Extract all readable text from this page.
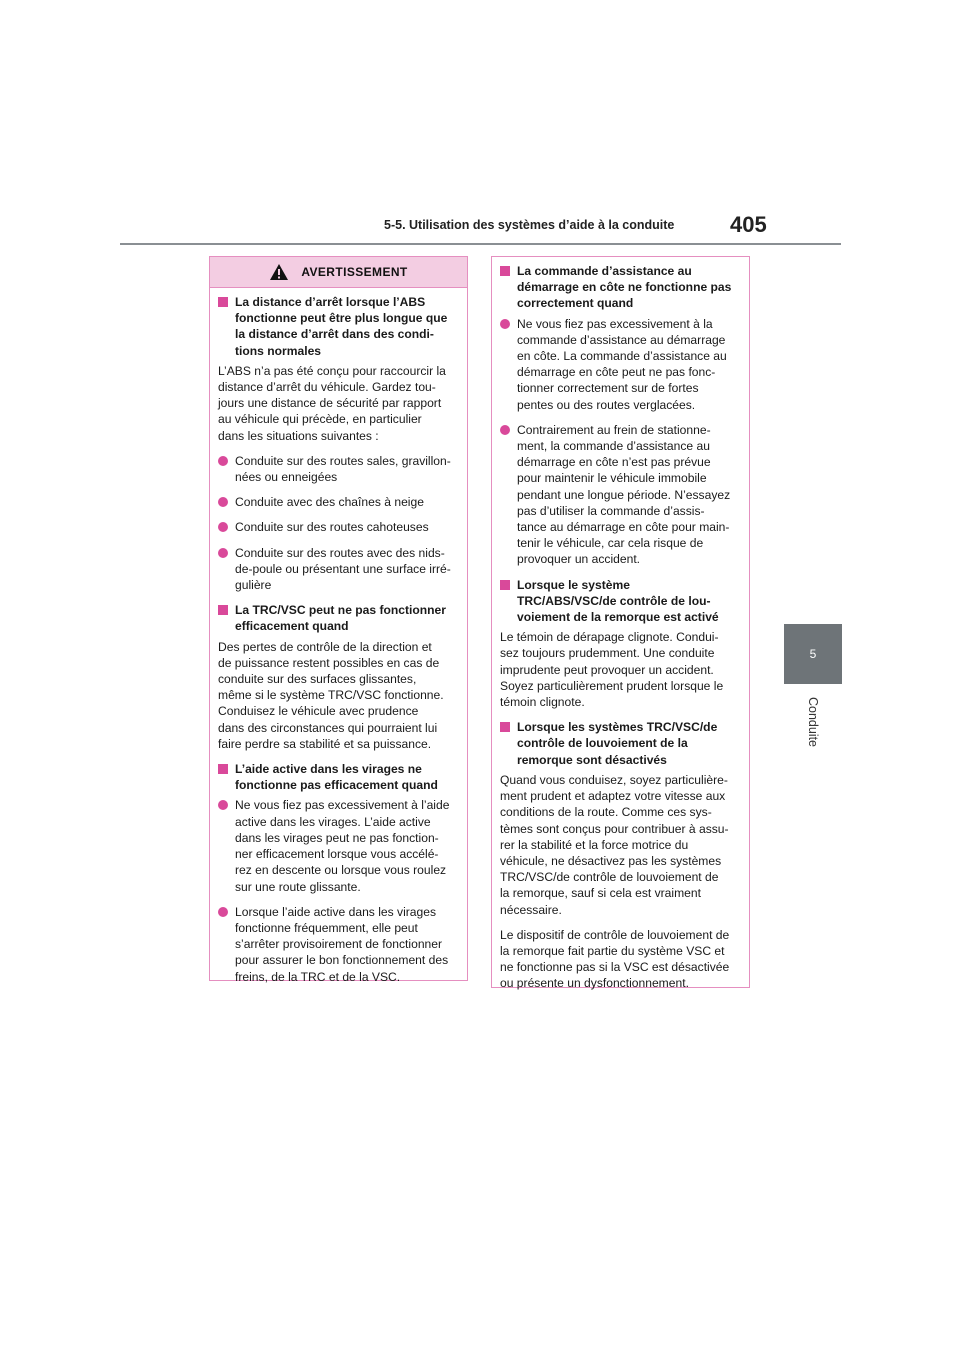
5-5. Utilisation des systèmes d’aide à la conduite	405
5
Conduite
AVERTISSEMENT
La distance d’arrêt lorsque l’ABS
fonctionne peut être plus longue que
la distance d’arrêt dans des condi-
tions normales
L’ABS n’a pas été conçu pour raccourcir la
distance d’arrêt du véhicule. Gardez tou-
jours une distance de sécurité par rapport
au véhicule qui précède, en particulier
dans les situations suivantes :
Conduite sur des routes sales, gravillon-
nées ou enneigées
Conduite avec des chaînes à neige
Conduite sur des routes cahoteuses
Conduite sur des routes avec des nids-
de-poule ou présentant une surface irré-
gulière
La TRC/VSC peut ne pas fonctionner
efficacement quand
Des pertes de contrôle de la direction et
de puissance restent possibles en cas de
conduite sur des surfaces glissantes,
même si le système TRC/VSC fonctionne.
Conduisez le véhicule avec prudence
dans des circonstances qui pourraient lui
faire perdre sa stabilité et sa puissance.
L’aide active dans les virages ne
fonctionne pas efficacement quand
Ne vous fiez pas excessivement à l’aide
active dans les virages. L’aide active
dans les virages peut ne pas fonction-
ner efficacement lorsque vous accélé-
rez en descente ou lorsque vous roulez
sur une route glissante.
Lorsque l’aide active dans les virages
fonctionne fréquemment, elle peut
s’arrêter provisoirement de fonctionner
pour assurer le bon fonctionnement des
freins, de la TRC et de la VSC.
La commande d’assistance au
démarrage en côte ne fonctionne pas
correctement quand
Ne vous fiez pas excessivement à la
commande d’assistance au démarrage
en côte. La commande d’assistance au
démarrage en côte peut ne pas fonc-
tionner correctement sur de fortes
pentes ou des routes verglacées.
Contrairement au frein de stationne-
ment, la commande d’assistance au
démarrage en côte n’est pas prévue
pour maintenir le véhicule immobile
pendant une longue période. N’essayez
pas d’utiliser la commande d’assis-
tance au démarrage en côte pour main-
tenir le véhicule, car cela risque de
provoquer un accident.
Lorsque le système
TRC/ABS/VSC/de contrôle de lou-
voiement de la remorque est activé
Le témoin de dérapage clignote. Condui-
sez toujours prudemment. Une conduite
imprudente peut provoquer un accident.
Soyez particulièrement prudent lorsque le
témoin clignote.
Lorsque les systèmes TRC/VSC/de
contrôle de louvoiement de la
remorque sont désactivés
Quand vous conduisez, soyez particulière-
ment prudent et adaptez votre vitesse aux
conditions de la route. Comme ces sys-
tèmes sont conçus pour contribuer à assu-
rer la stabilité et la force motrice du
véhicule, ne désactivez pas les systèmes
TRC/VSC/de contrôle de louvoiement de
la remorque, sauf si cela est vraiment
nécessaire.
Le dispositif de contrôle de louvoiement de
la remorque fait partie du système VSC et
ne fonctionne pas si la VSC est désactivée
ou présente un dysfonctionnement.
